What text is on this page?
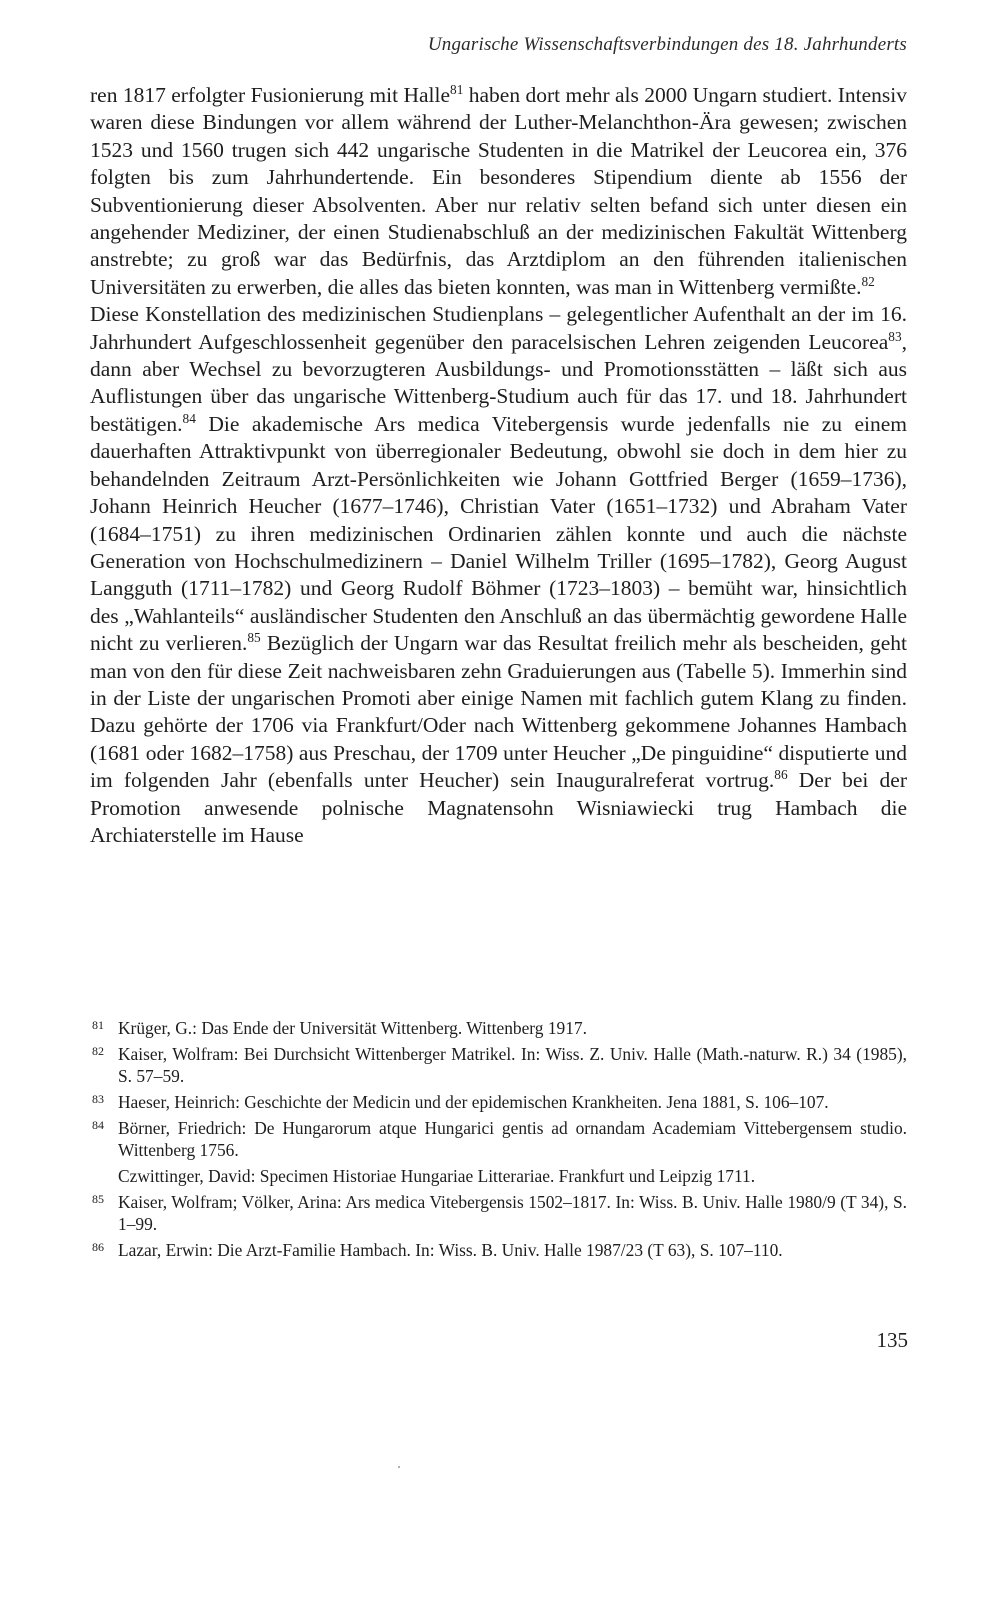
Ungarische Wissenschaftsverbindungen des 18. Jahrhunderts

ren 1817 erfolgter Fusionierung mit Halle$^{81}$ haben dort mehr als 2000 Ungarn studiert. Intensiv waren diese Bindungen vor allem während der Luther-Melanchthon-Ära gewesen; zwischen 1523 und 1560 trugen sich 442 ungarische Studenten in die Matrikel der Leucorea ein, 376 folgten bis zum Jahrhundertende. Ein besonderes Stipendium diente ab 1556 der Subventionierung dieser Absolventen. Aber nur relativ selten befand sich unter diesen ein angehender Mediziner, der einen Studienabschluß an der medizinischen Fakultät Wittenberg anstrebte; zu groß war das Bedürfnis, das Arztdiplom an den führenden italienischen Universitäten zu erwerben, die alles das bieten konnten, was man in Wittenberg vermißte.$^{82}$

Diese Konstellation des medizinischen Studienplans – gelegentlicher Aufenthalt an der im 16. Jahrhundert Aufgeschlossenheit gegenüber den paracelsischen Lehren zeigenden Leucorea$^{83}$, dann aber Wechsel zu bevorzugteren Ausbildungs- und Promotionsstätten – läßt sich aus Auflistungen über das ungarische Wittenberg-Studium auch für das 17. und 18. Jahrhundert bestätigen.$^{84}$ Die akademische Ars medica Vitebergensis wurde jedenfalls nie zu einem dauerhaften Attraktivpunkt von überregionaler Bedeutung, obwohl sie doch in dem hier zu behandelnden Zeitraum Arzt-Persönlichkeiten wie Johann Gottfried Berger (1659–1736), Johann Heinrich Heucher (1677–1746), Christian Vater (1651–1732) und Abraham Vater (1684–1751) zu ihren medizinischen Ordinarien zählen konnte und auch die nächste Generation von Hochschulmedizinern – Daniel Wilhelm Triller (1695–1782), Georg August Langguth (1711–1782) und Georg Rudolf Böhmer (1723–1803) – bemüht war, hinsichtlich des „Wahlanteils“ ausländischer Studenten den Anschluß an das übermächtig gewordene Halle nicht zu verlieren.$^{85}$ Bezüglich der Ungarn war das Resultat freilich mehr als bescheiden, geht man von den für diese Zeit nachweisbaren zehn Graduierungen aus (Tabelle 5). Immerhin sind in der Liste der ungarischen Promoti aber einige Namen mit fachlich gutem Klang zu finden. Dazu gehörte der 1706 via Frankfurt/Oder nach Wittenberg gekommene Johannes Hambach (1681 oder 1682–1758) aus Preschau, der 1709 unter Heucher „De pinguidine“ disputierte und im folgenden Jahr (ebenfalls unter Heucher) sein Inauguralreferat vortrug.$^{86}$ Der bei der Promotion anwesende polnische Magnatensohn Wisniawiecki trug Hambach die Archiaterstelle im Hause

81 Krüger, G.: Das Ende der Universität Wittenberg. Wittenberg 1917.
82 Kaiser, Wolfram: Bei Durchsicht Wittenberger Matrikel. In: Wiss. Z. Univ. Halle (Math.-naturw. R.) 34 (1985), S. 57–59.
83 Haeser, Heinrich: Geschichte der Medicin und der epidemischen Krankheiten. Jena 1881, S. 106–107.
84 Börner, Friedrich: De Hungarorum atque Hungarici gentis ad ornandam Academiam Vittebergensem studio. Wittenberg 1756.
Czwittinger, David: Specimen Historiae Hungariae Litterariae. Frankfurt und Leipzig 1711.
85 Kaiser, Wolfram; Völker, Arina: Ars medica Vitebergensis 1502–1817. In: Wiss. B. Univ. Halle 1980/9 (T 34), S. 1–99.
86 Lazar, Erwin: Die Arzt-Familie Hambach. In: Wiss. B. Univ. Halle 1987/23 (T 63), S. 107–110.
135
